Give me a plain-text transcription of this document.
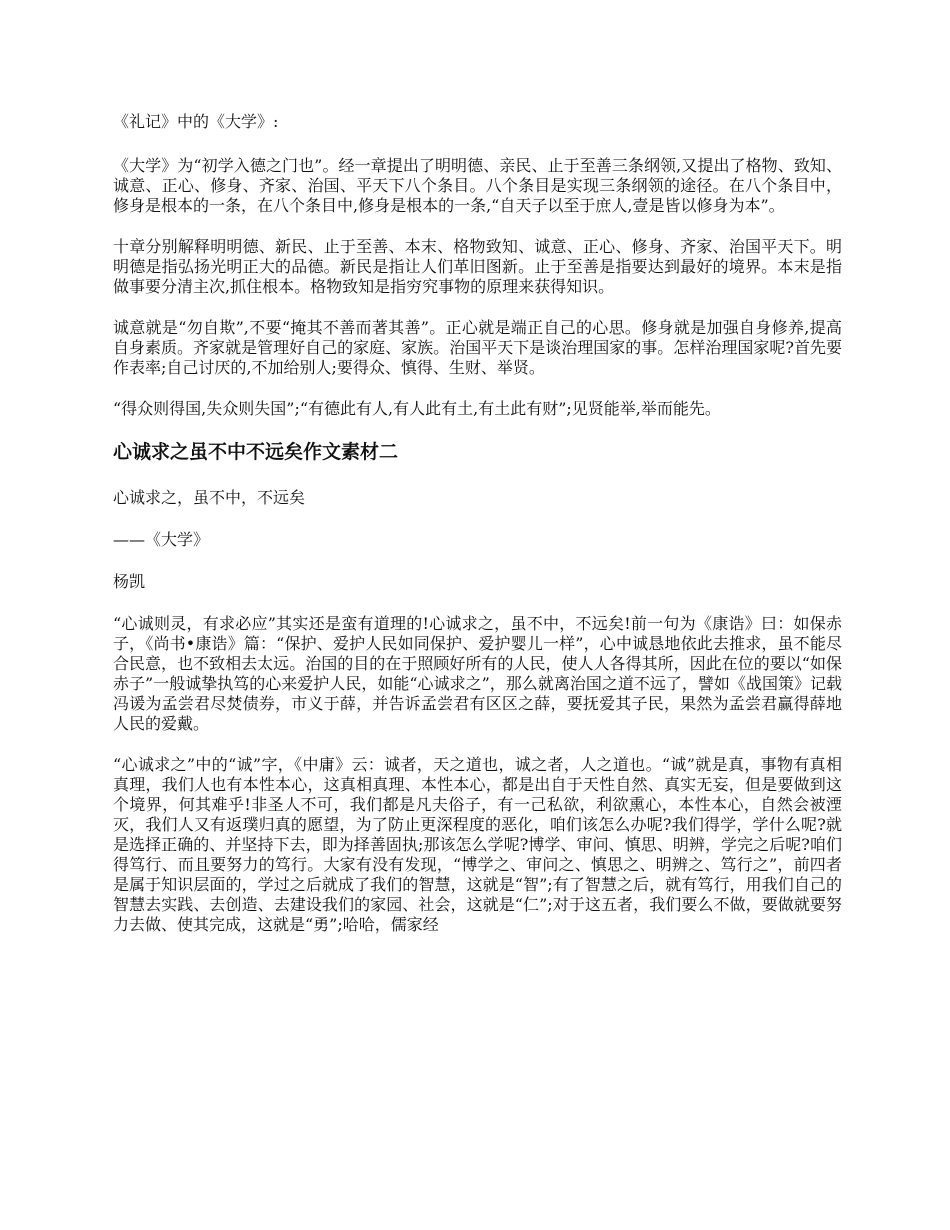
《礼记》中的《大学》:

《大学》为“初学入德之门也”。经一章提出了明明德、亲民、止于至善三条纲领,又提出了格物、致知、诚意、正心、修身、齐家、治国、平天下八个条目。八个条目是实现三条纲领的途径。在八个条目中，修身是根本的一条，在八个条目中,修身是根本的一条,“自天子以至于庶人,壹是皆以修身为本”。

十章分别解释明明德、新民、止于至善、本末、格物致知、诚意、正心、修身、齐家、治国平天下。明明德是指弘扬光明正大的品德。新民是指让人们革旧图新。止于至善是指要达到最好的境界。本末是指做事要分清主次,抓住根本。格物致知是指穷究事物的原理来获得知识。

诚意就是“勿自欺”,不要“掩其不善而著其善”。正心就是端正自己的心思。修身就是加强自身修养,提高自身素质。齐家就是管理好自己的家庭、家族。治国平天下是谈治理国家的事。怎样治理国家呢?首先要作表率;自己讨厌的,不加给别人;要得众、慎得、生财、举贤。

“得众则得国,失众则失国”;“有德此有人,有人此有土,有土此有财”;见贤能举,举而能先。

心诚求之虽不中不远矣作文素材二

心诚求之，虽不中，不远矣

——《大学》

杨凯

“心诚则灵，有求必应”其实还是蛮有道理的!心诚求之，虽不中，不远矣!前一句为《康诰》曰：如保赤子，《尚书•康诰》篇：“保护、爱护人民如同保护、爱护婴儿一样”，心中诚恳地依此去推求，虽不能尽合民意，也不致相去太远。治国的目的在于照顾好所有的人民，使人人各得其所，因此在位的要以“如保赤子”一般诚挚执笃的心来爱护人民，如能“心诚求之”，那么就离治国之道不远了，譬如《战国策》记载冯谖为孟尝君尽焚债券，市义于薛，并告诉孟尝君有区区之薛，要抚爱其子民，果然为孟尝君赢得薛地人民的爱戴。

“心诚求之”中的“诚”字，《中庸》云：诚者，天之道也，诚之者，人之道也。“诚”就是真，事物有真相真理，我们人也有本性本心，这真相真理、本性本心，都是出自于天性自然、真实无妄，但是要做到这个境界，何其难乎!非圣人不可，我们都是凡夫俗子，有一己私欲，利欲熏心，本性本心，自然会被湮灭，我们人又有返璞归真的愿望，为了防止更深程度的恶化，咱们该怎么办呢?我们得学，学什么呢?就是选择正确的、并坚持下去，即为择善固执;那该怎么学呢?博学、审问、慎思、明辨，学完之后呢?咱们得笃行、而且要努力的笃行。大家有没有发现，“博学之、审问之、慎思之、明辨之、笃行之”，前四者是属于知识层面的，学过之后就成了我们的智慧，这就是“智”;有了智慧之后，就有笃行，用我们自己的智慧去实践、去创造、去建设我们的家园、社会，这就是“仁”;对于这五者，我们要么不做，要做就要努力去做、使其完成，这就是“勇”;哈哈，儒家经
